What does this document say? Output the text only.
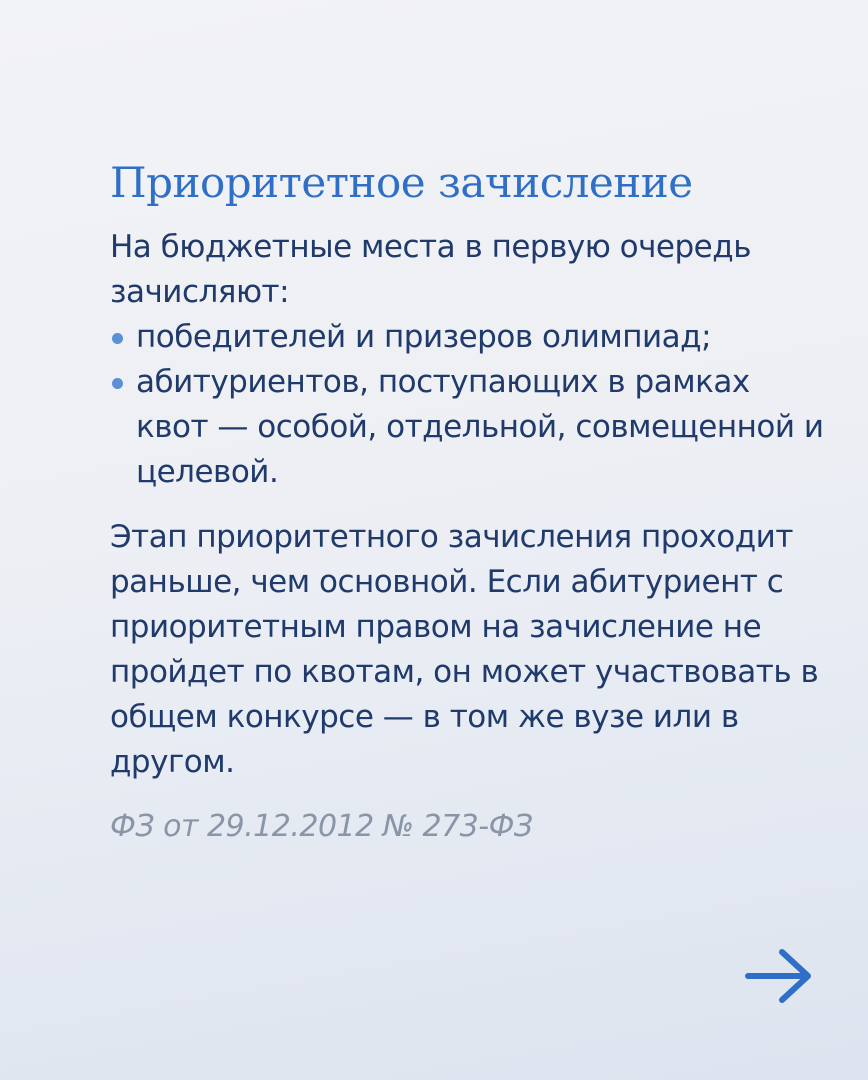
Приоритетное зачисление

На бюджетные места в первую очередь зачисляют:

победителей и призеров олимпиад;
абитуриентов, поступающих в рамках квот — особой, отдельной, совмещенной и целевой.

Этап приоритетного зачисления проходит раньше, чем основной. Если абитуриент с приоритетным правом на зачисление не пройдет по квотам, он может участвовать в общем конкурсе — в том же вузе или в другом.

ФЗ от 29.12.2012 № 273-ФЗ
